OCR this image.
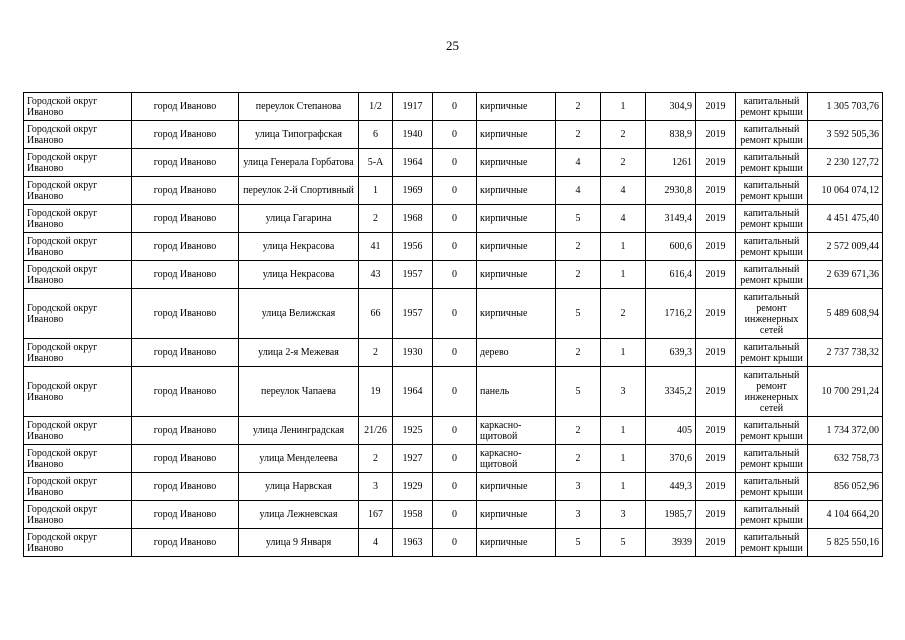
25
Городской округ Иваново	город Иваново	переулок Степанова	1/2	1917	0	кирпичные	2	1	304,9	2019	капитальный ремонт крыши	1 305 703,76
Городской округ Иваново	город Иваново	улица Типографская	6	1940	0	кирпичные	2	2	838,9	2019	капитальный ремонт крыши	3 592 505,36
Городской округ Иваново	город Иваново	улица Генерала Горбатова	5-А	1964	0	кирпичные	4	2	1261	2019	капитальный ремонт крыши	2 230 127,72
Городской округ Иваново	город Иваново	переулок 2-й Спортивный	1	1969	0	кирпичные	4	4	2930,8	2019	капитальный ремонт крыши	10 064 074,12
Городской округ Иваново	город Иваново	улица Гагарина	2	1968	0	кирпичные	5	4	3149,4	2019	капитальный ремонт крыши	4 451 475,40
Городской округ Иваново	город Иваново	улица Некрасова	41	1956	0	кирпичные	2	1	600,6	2019	капитальный ремонт крыши	2 572 009,44
Городской округ Иваново	город Иваново	улица Некрасова	43	1957	0	кирпичные	2	1	616,4	2019	капитальный ремонт крыши	2 639 671,36
Городской округ Иваново	город Иваново	улица Велижская	66	1957	0	кирпичные	5	2	1716,2	2019	капитальный ремонт инженерных сетей	5 489 608,94
Городской округ Иваново	город Иваново	улица 2-я Межевая	2	1930	0	дерево	2	1	639,3	2019	капитальный ремонт крыши	2 737 738,32
Городской округ Иваново	город Иваново	переулок Чапаева	19	1964	0	панель	5	3	3345,2	2019	капитальный ремонт инженерных сетей	10 700 291,24
Городской округ Иваново	город Иваново	улица Ленинградская	21/26	1925	0	каркасно-щитовой	2	1	405	2019	капитальный ремонт крыши	1 734 372,00
Городской округ Иваново	город Иваново	улица Менделеева	2	1927	0	каркасно-щитовой	2	1	370,6	2019	капитальный ремонт крыши	632 758,73
Городской округ Иваново	город Иваново	улица Нарвская	3	1929	0	кирпичные	3	1	449,3	2019	капитальный ремонт крыши	856 052,96
Городской округ Иваново	город Иваново	улица Лежневская	167	1958	0	кирпичные	3	3	1985,7	2019	капитальный ремонт крыши	4 104 664,20
Городской округ Иваново	город Иваново	улица 9 Января	4	1963	0	кирпичные	5	5	3939	2019	капитальный ремонт крыши	5 825 550,16
